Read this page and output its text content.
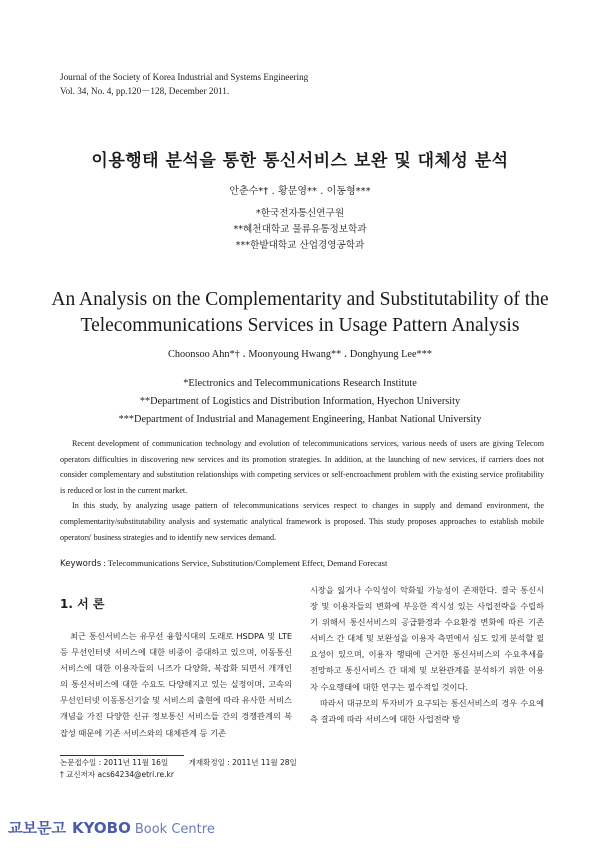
Journal of the Society of Korea Industrial and Systems Engineering
Vol. 34, No. 4, pp.120－128, December 2011.
이용행태 분석을 통한 통신서비스 보완 및 대체성 분석
안춘수*† ․ 황문영** ․ 이동형***
*한국전자통신연구원
**혜천대학교 물류유통정보학과
***한밭대학교 산업경영공학과
An Analysis on the Complementarity and Substitutability of the
Telecommunications Services in Usage Pattern Analysis
Choonsoo Ahn*† ․ Moonyoung Hwang** ․ Donghyung Lee***
*Electronics and Telecommunications Research Institute
**Department of Logistics and Distribution Information, Hyechon University
***Department of Industrial and Management Engineering, Hanbat National University

Recent development of communication technology and evolution of telecommunications services, various needs of users are giving Telecom operators difficulties in discovering new services and its promotion strategies. In addition, at the launching of new services, if carriers does not consider complementary and substitution relationships with competing services or self-encroachment problem with the existing service profitability is reduced or lost in the current market.

In this study, by analyzing usage pattern of telecommunications services respect to changes in supply and demand environment, the complementarity/substitutability analysis and systematic analytical framework is proposed. This study proposes approaches to establish mobile operators' business strategies and to identify new services demand.

Keywords : Telecommunications Service, Substitution/Complement Effect, Demand Forecast
1. 서 론

최근 통신서비스는 유무선 융합시대의 도래로 HSDPA 및 LTE 등 무선인터넷 서비스에 대한 비중이 증대하고 있으며, 이동통신 서비스에 대한 이용자들의 니즈가 다양화, 복잡화 되면서 개개인의 통신서비스에 대한 수요도 다양해지고 있는 실정이며, 고속의 무선인터넷 이동통신기술 및 서비스의 출현에 따라 유사한 서비스 개념을 가진 다양한 신규 정보통신 서비스들 간의 경쟁관계의 복잡성 때문에 기존 서비스와의 대체관계 등 기존

시장을 잃거나 수익성이 악화될 가능성이 존재한다. 결국 통신시장 및 이용자들의 변화에 부응한 적시성 있는 사업전략을 수립하기 위해서 통신서비스의 공급환경과 수요환경 변화에 따른 기존 서비스 간 대체 및 보완성을 이용자 측면에서 심도 있게 분석할 필요성이 있으며, 이용자 행태에 근거한 통신서비스의 수요추세를 전망하고 통신서비스 간 대체 및 보완관계를 분석하기 위한 이용자 수요행태에 대한 연구는 필수적일 것이다.

따라서 대규모의 투자비가 요구되는 통신서비스의 경우 수요예측 결과에 따라 서비스에 대한 사업전략 방

논문접수일 : 2011년 11월 16일	게재확정일 : 2011년 11월 28일
† 교신저자 acs64234@etri.re.kr
교보문고 KYOBO Book Centre
